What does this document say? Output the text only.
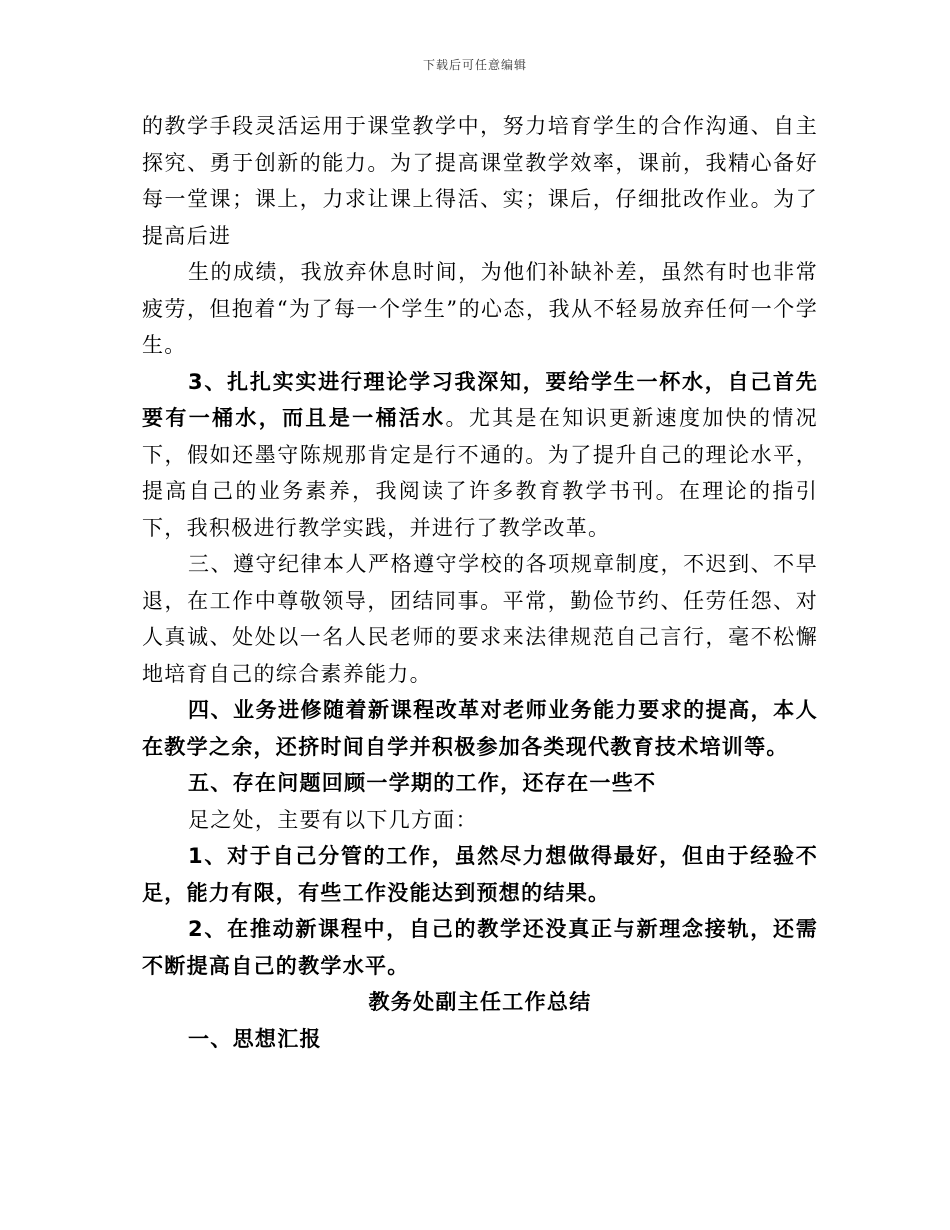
下载后可任意编辑

的教学手段灵活运用于课堂教学中，努力培育学生的合作沟通、自主探究、勇于创新的能力。为了提高课堂教学效率，课前，我精心备好每一堂课；课上，力求让课上得活、实；课后，仔细批改作业。为了提高后进

生的成绩，我放弃休息时间，为他们补缺补差，虽然有时也非常疲劳，但抱着“为了每一个学生”的心态，我从不轻易放弃任何一个学生。

3、扎扎实实进行理论学习我深知，要给学生一杯水，自己首先要有一桶水，而且是一桶活水。尤其是在知识更新速度加快的情况下，假如还墨守陈规那肯定是行不通的。为了提升自己的理论水平，提高自己的业务素养，我阅读了许多教育教学书刊。在理论的指引下，我积极进行教学实践，并进行了教学改革。

三、遵守纪律本人严格遵守学校的各项规章制度，不迟到、不早退，在工作中尊敬领导，团结同事。平常，勤俭节约、任劳任怨、对人真诚、处处以一名人民老师的要求来法律规范自己言行，毫不松懈地培育自己的综合素养能力。

四、业务进修随着新课程改革对老师业务能力要求的提高，本人在教学之余，还挤时间自学并积极参加各类现代教育技术培训等。

五、存在问题回顾一学期的工作，还存在一些不

足之处，主要有以下几方面：

1、对于自己分管的工作，虽然尽力想做得最好，但由于经验不足，能力有限，有些工作没能达到预想的结果。

2、在推动新课程中，自己的教学还没真正与新理念接轨，还需不断提高自己的教学水平。

教务处副主任工作总结

一、思想汇报
